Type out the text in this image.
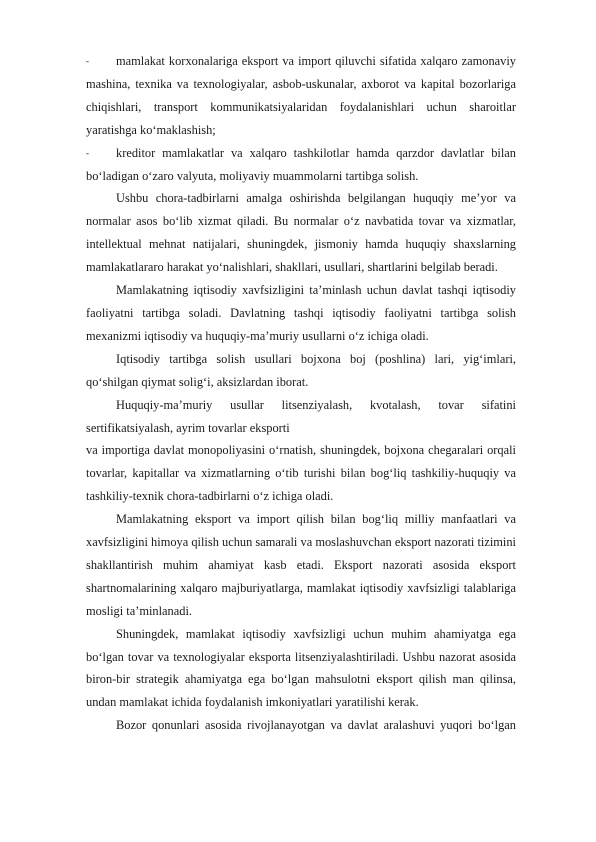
-	mamlakat korxonalariga eksport va import qiluvchi sifatida xalqaro zamonaviy mashina, texnika va texnologiyalar, asbob-uskunalar, axborot va kapital bozorlariga chiqishlari, transport kommunikatsiyalaridan foydalanishlari uchun sharoitlar yaratishga ko‘maklashish;
-	kreditor mamlakatlar va xalqaro tashkilotlar hamda qarzdor davlatlar bilan bo‘ladigan o‘zaro valyuta, moliyaviy muammolarni tartibga solish.

Ushbu chora-tadbirlarni amalga oshirishda belgilangan huquqiy me’yor va normalar asos bo‘lib xizmat qiladi. Bu normalar o‘z navbatida tovar va xizmatlar, intellektual mehnat natijalari, shuningdek, jismoniy hamda huquqiy shaxslarning mamlakatlararo harakat yo‘nalishlari, shakllari, usullari, shartlarini belgilab beradi.

Mamlakatning iqtisodiy xavfsizligini ta’minlash uchun davlat tashqi iqtisodiy faoliyatni tartibga soladi. Davlatning tashqi iqtisodiy faoliyatni tartibga solish mexanizmi iqtisodiy va huquqiy-ma’muriy usullarni o‘z ichiga oladi.

Iqtisodiy tartibga solish usullari bojxona boj (poshlina) lari, yig‘imlari, qo‘shilgan qiymat solig‘i, aksizlardan iborat.

Huquqiy-ma’muriy usullar litsenziyalash, kvotalash, tovar sifatini sertifikatsiyalash, ayrim tovarlar eksporti

va importiga davlat monopoliyasini o‘rnatish, shuningdek, bojxona chegaralari orqali tovarlar, kapitallar va xizmatlarning o‘tib turishi bilan bog‘liq tashkiliy-huquqiy va tashkiliy-texnik chora-tadbirlarni o‘z ichiga oladi.

Mamlakatning eksport va import qilish bilan bog‘liq milliy manfaatlari va xavfsizligini himoya qilish uchun samarali va moslashuvchan eksport nazorati tizimini shakllantirish muhim ahamiyat kasb etadi. Eksport nazorati asosida eksport shartnomalarining xalqaro majburiyatlarga, mamlakat iqtisodiy xavfsizligi talablariga mosligi ta’minlanadi.

Shuningdek, mamlakat iqtisodiy xavfsizligi uchun muhim ahamiyatga ega bo‘lgan tovar va texnologiyalar eksporta litsenziyalashtiriladi. Ushbu nazorat asosida biron-bir strategik ahamiyatga ega bo‘lgan mahsulotni eksport qilish man qilinsa, undan mamlakat ichida foydalanish imkoniyatlari yaratilishi kerak.

Bozor qonunlari asosida rivojlanayotgan va davlat aralashuvi yuqori bo‘lgan
